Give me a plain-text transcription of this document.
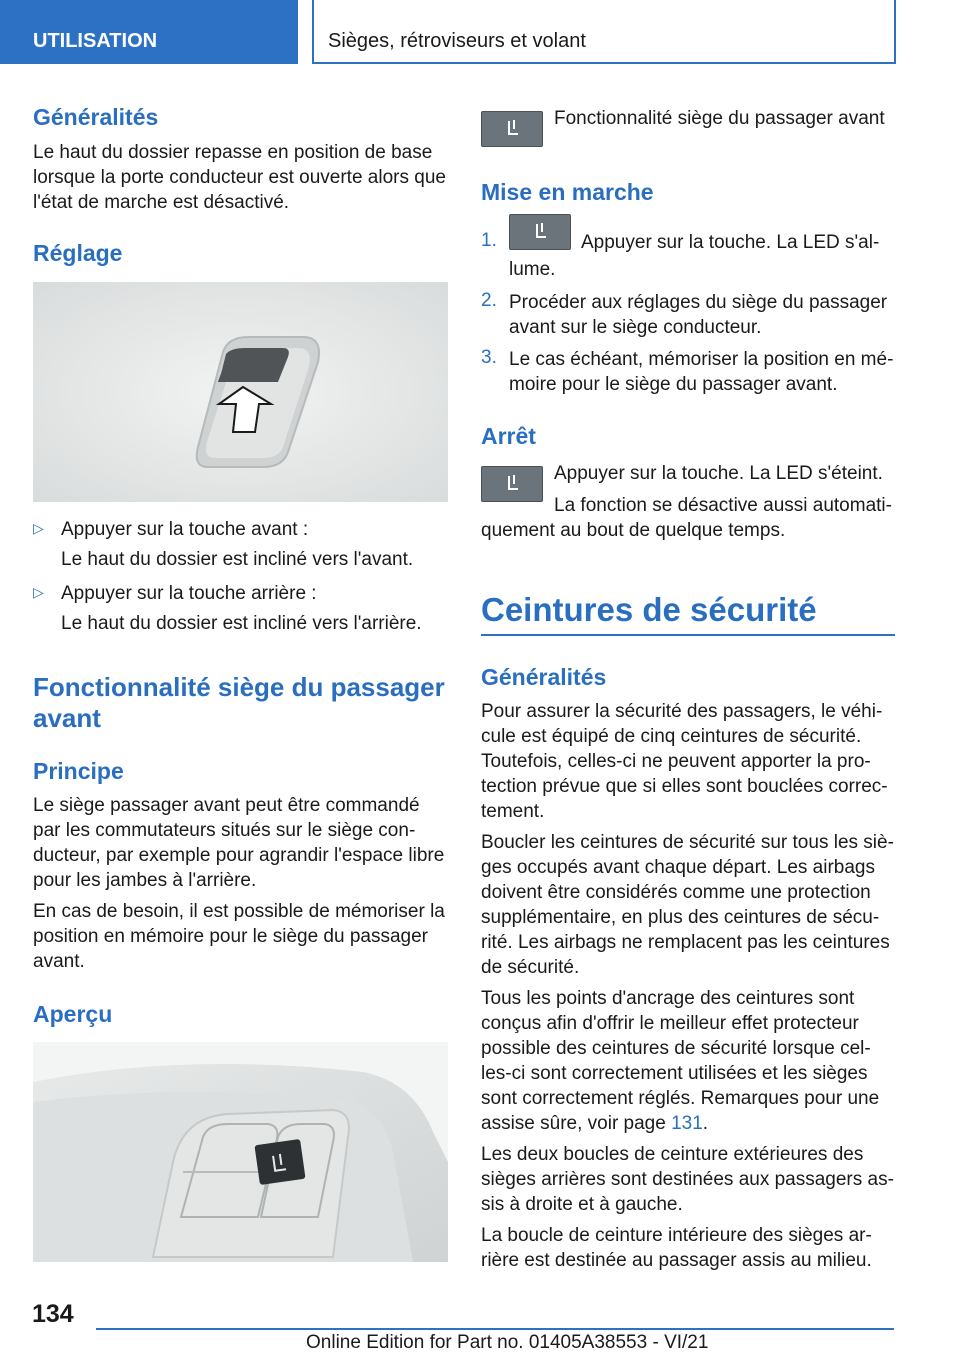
UTILISATION	Sièges, rétroviseurs et volant
Généralités
Le haut du dossier repasse en position de base
lorsque la porte conducteur est ouverte alors que
l'état de marche est désactivé.
Réglage
▷ Appuyer sur la touche avant :
Le haut du dossier est incliné vers l'avant.
▷ Appuyer sur la touche arrière :
Le haut du dossier est incliné vers l'arrière.
Fonctionnalité siège du passager
avant
Principe
Le siège passager avant peut être commandé
par les commutateurs situés sur le siège con-
ducteur, par exemple pour agrandir l'espace libre
pour les jambes à l'arrière.
En cas de besoin, il est possible de mémoriser la
position en mémoire pour le siège du passager
avant.
Aperçu
Fonctionnalité siège du passager avant
Mise en marche
1.	Appuyer sur la touche. La LED s'al-
lume.
2. Procéder aux réglages du siège du passager
avant sur le siège conducteur.
3. Le cas échéant, mémoriser la position en mé-
moire pour le siège du passager avant.
Arrêt
Appuyer sur la touche. La LED s'éteint.
La fonction se désactive aussi automati-
quement au bout de quelque temps.
Ceintures de sécurité
Généralités
Pour assurer la sécurité des passagers, le véhi-
cule est équipé de cinq ceintures de sécurité.
Toutefois, celles-ci ne peuvent apporter la pro-
tection prévue que si elles sont bouclées correc-
tement.
Boucler les ceintures de sécurité sur tous les siè-
ges occupés avant chaque départ. Les airbags
doivent être considérés comme une protection
supplémentaire, en plus des ceintures de sécu-
rité. Les airbags ne remplacent pas les ceintures
de sécurité.
Tous les points d'ancrage des ceintures sont
conçus afin d'offrir le meilleur effet protecteur
possible des ceintures de sécurité lorsque cel-
les-ci sont correctement utilisées et les sièges
sont correctement réglés. Remarques pour une
assise sûre, voir page 131.
Les deux boucles de ceinture extérieures des
sièges arrières sont destinées aux passagers as-
sis à droite et à gauche.
La boucle de ceinture intérieure des sièges ar-
rière est destinée au passager assis au milieu.
134
Online Edition for Part no. 01405A38553 - VI/21
